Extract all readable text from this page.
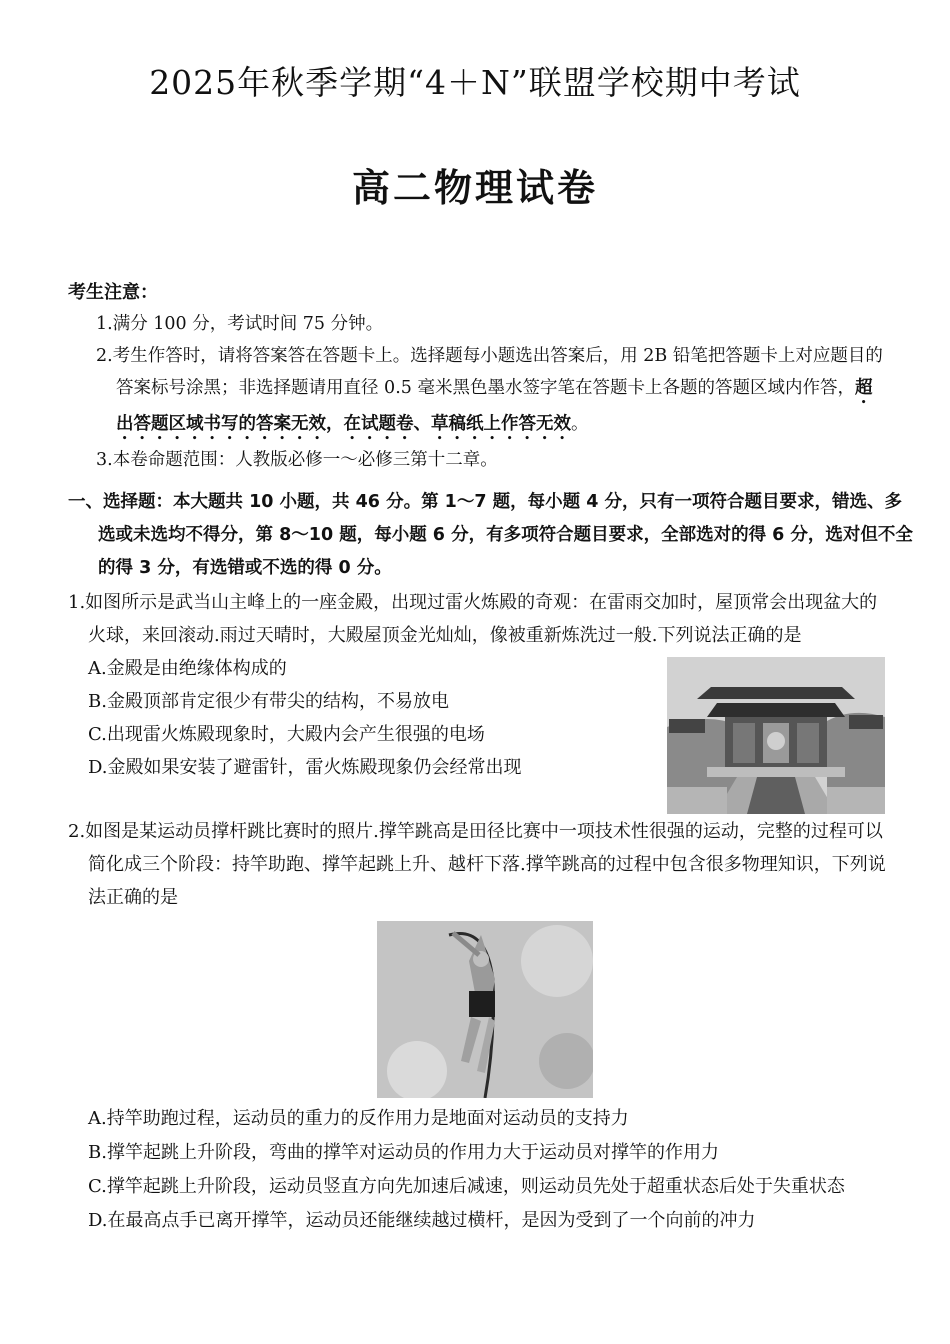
2025年秋季学期“4＋N”联盟学校期中考试
高二物理试卷
考生注意：
1.满分 100 分，考试时间 75 分钟。
2.考生作答时，请将答案答在答题卡上。选择题每小题选出答案后，用 2B 铅笔把答题卡上对应题目的答案标号涂黑；非选择题请用直径 0.5 毫米黑色墨水签字笔在答题卡上各题的答题区域内作答，超出答题区域书写的答案无效，在试题卷、草稿纸上作答无效。
3.本卷命题范围：人教版必修一～必修三第十二章。
一、选择题：本大题共 10 小题，共 46 分。第 1～7 题，每小题 4 分，只有一项符合题目要求，错选、多选或未选均不得分，第 8～10 题，每小题 6 分，有多项符合题目要求，全部选对的得 6 分，选对但不全的得 3 分，有选错或不选的得 0 分。
1.如图所示是武当山主峰上的一座金殿，出现过雷火炼殿的奇观：在雷雨交加时，屋顶常会出现盆大的火球，来回滚动.雨过天晴时，大殿屋顶金光灿灿，像被重新炼洗过一般.下列说法正确的是
A.金殿是由绝缘体构成的
B.金殿顶部肯定很少有带尖的结构，不易放电
C.出现雷火炼殿现象时，大殿内会产生很强的电场
D.金殿如果安装了避雷针，雷火炼殿现象仍会经常出现
2.如图是某运动员撑杆跳比赛时的照片.撑竿跳高是田径比赛中一项技术性很强的运动，完整的过程可以简化成三个阶段：持竿助跑、撑竿起跳上升、越杆下落.撑竿跳高的过程中包含很多物理知识，下列说法正确的是
A.持竿助跑过程，运动员的重力的反作用力是地面对运动员的支持力
B.撑竿起跳上升阶段，弯曲的撑竿对运动员的作用力大于运动员对撑竿的作用力
C.撑竿起跳上升阶段，运动员竖直方向先加速后减速，则运动员先处于超重状态后处于失重状态
D.在最高点手已离开撑竿，运动员还能继续越过横杆，是因为受到了一个向前的冲力
